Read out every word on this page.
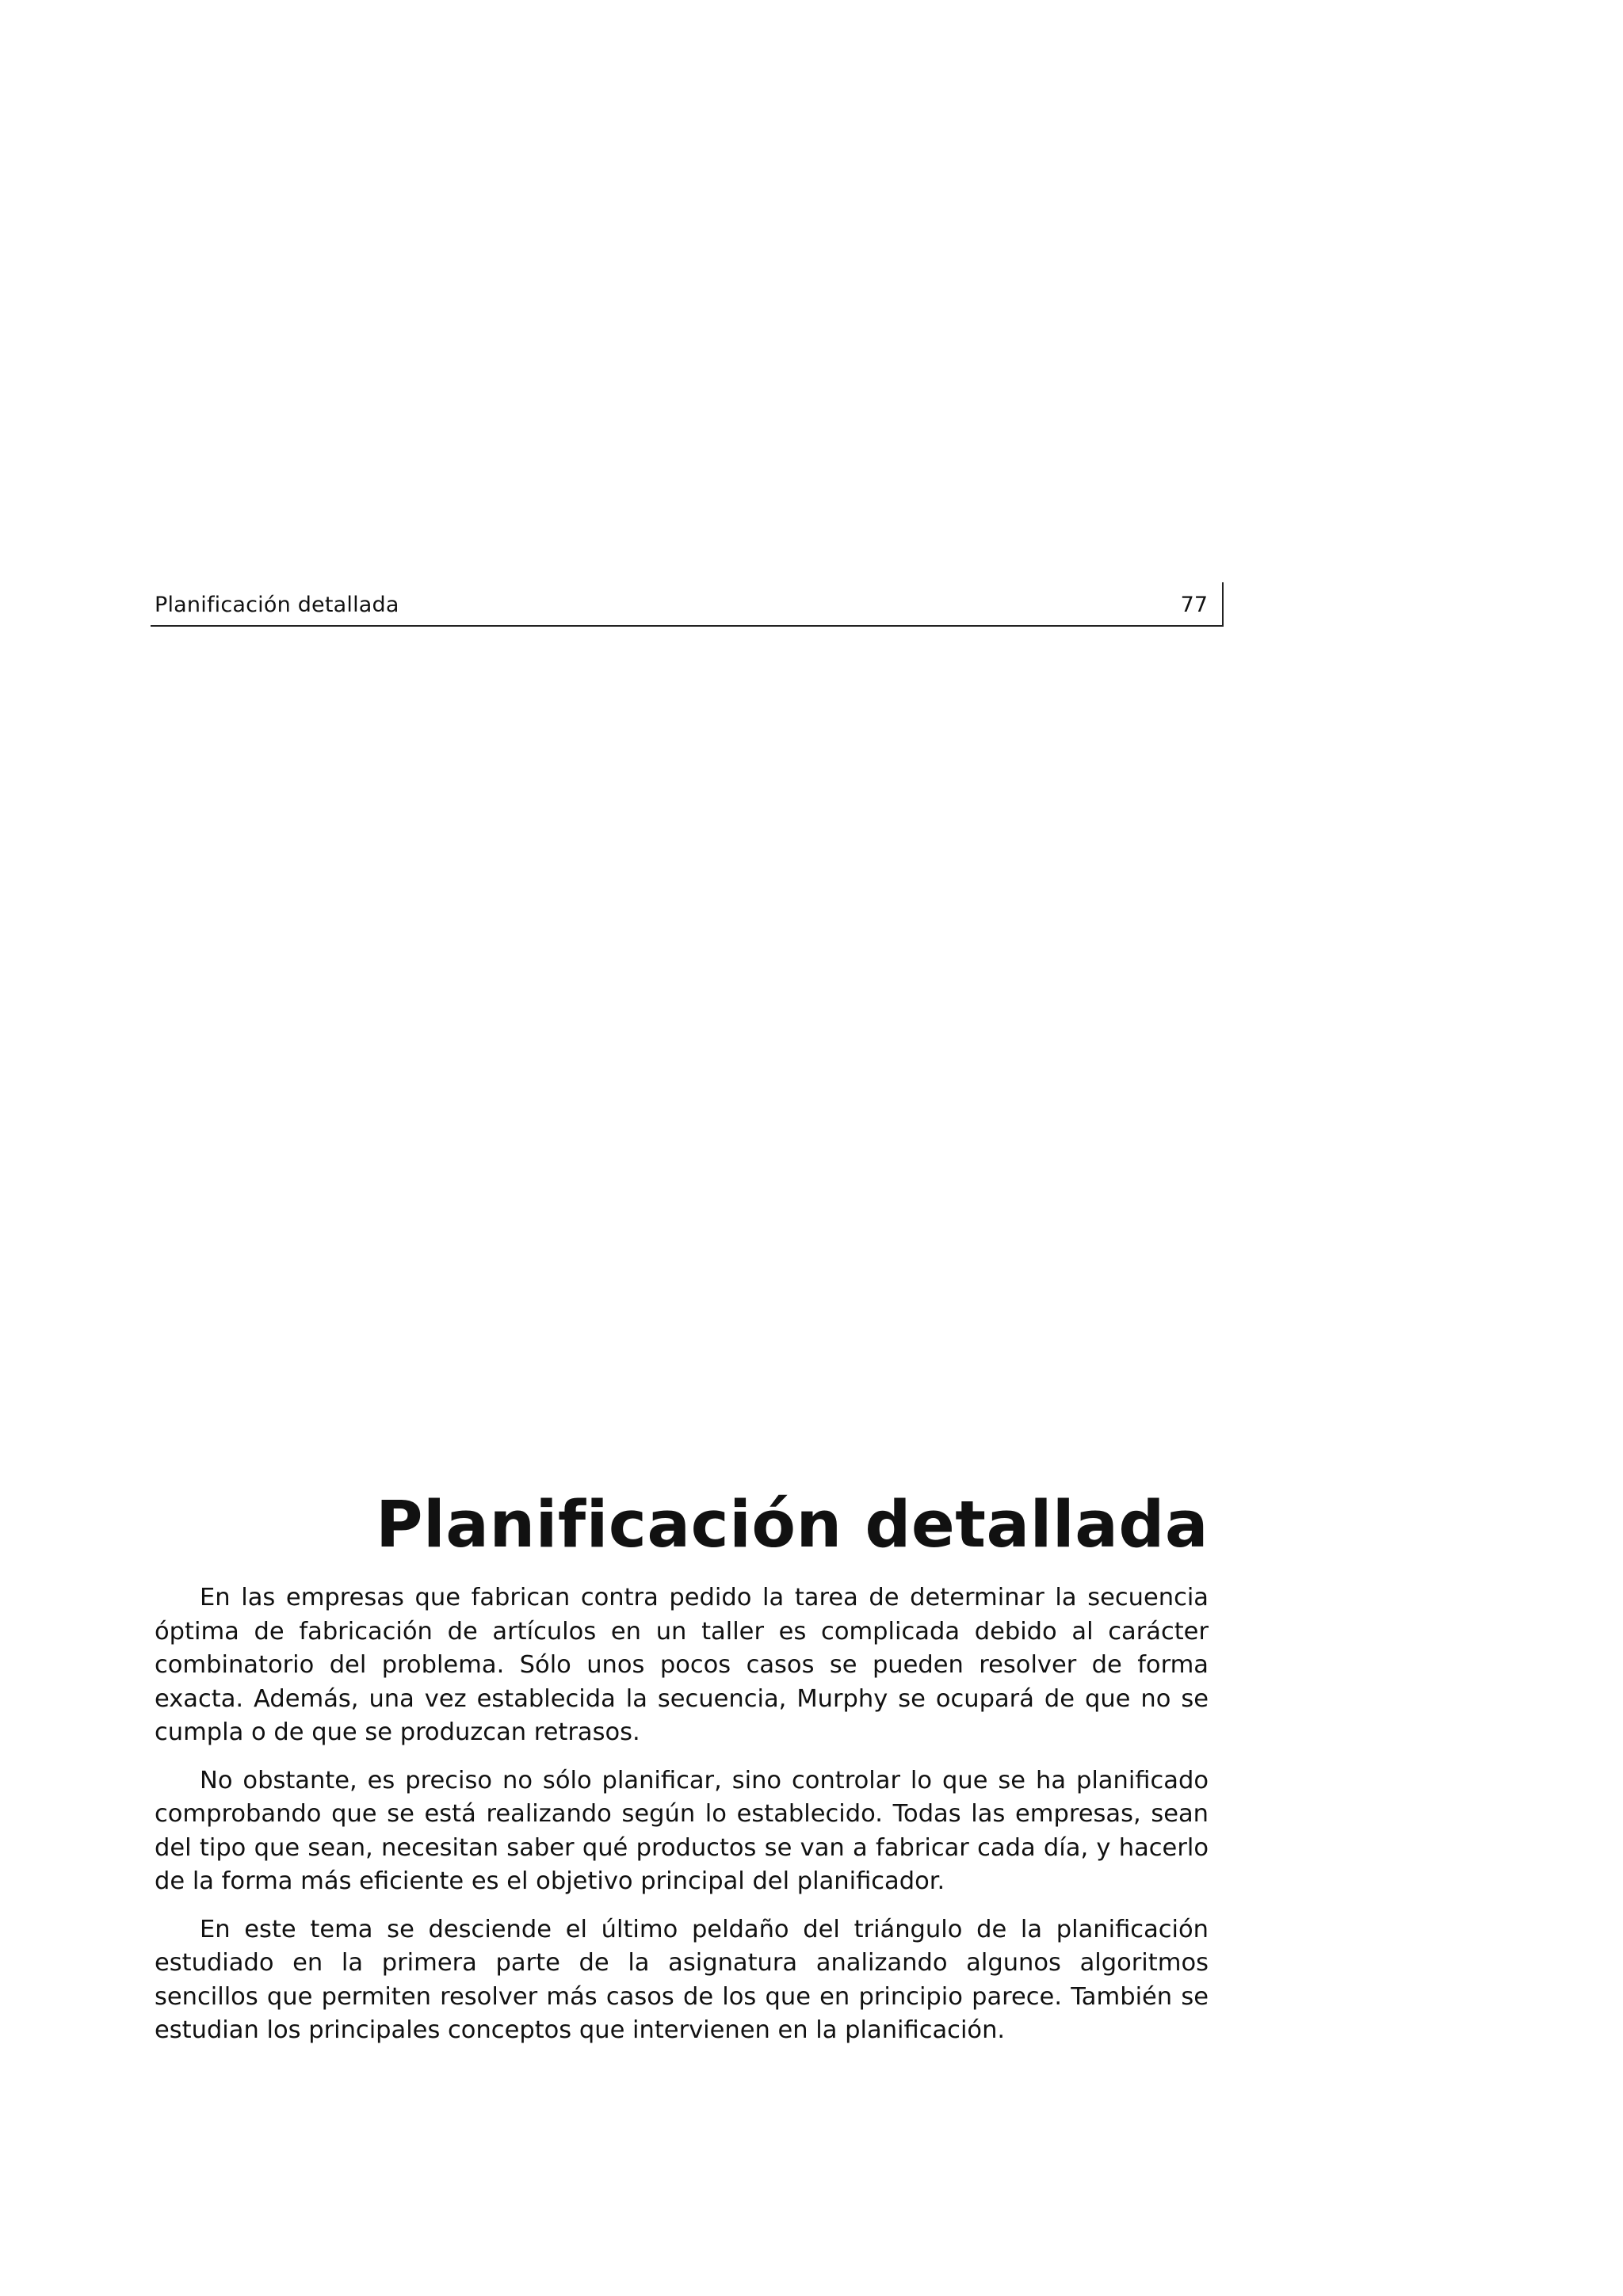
Planificación detallada	77
Planificación detallada

En las empresas que fabrican contra pedido la tarea de determinar la secuencia óptima de fabricación de artículos en un taller es complicada debido al carácter combinatorio del problema. Sólo unos pocos casos se pueden resolver de forma exacta. Además, una vez establecida la secuencia, Murphy se ocupará de que no se cumpla o de que se produzcan retrasos.

No obstante, es preciso no sólo planificar, sino controlar lo que se ha planificado comprobando que se está realizando según lo establecido. Todas las empresas, sean del tipo que sean, necesitan saber qué productos se van a fabricar cada día, y hacerlo de la forma más eficiente es el objetivo principal del planificador.

En este tema se desciende el último peldaño del triángulo de la planificación estudiado en la primera parte de la asignatura analizando algunos algoritmos sencillos que permiten resolver más casos de los que en principio parece. También se estudian los principales conceptos que intervienen en la planificación.
